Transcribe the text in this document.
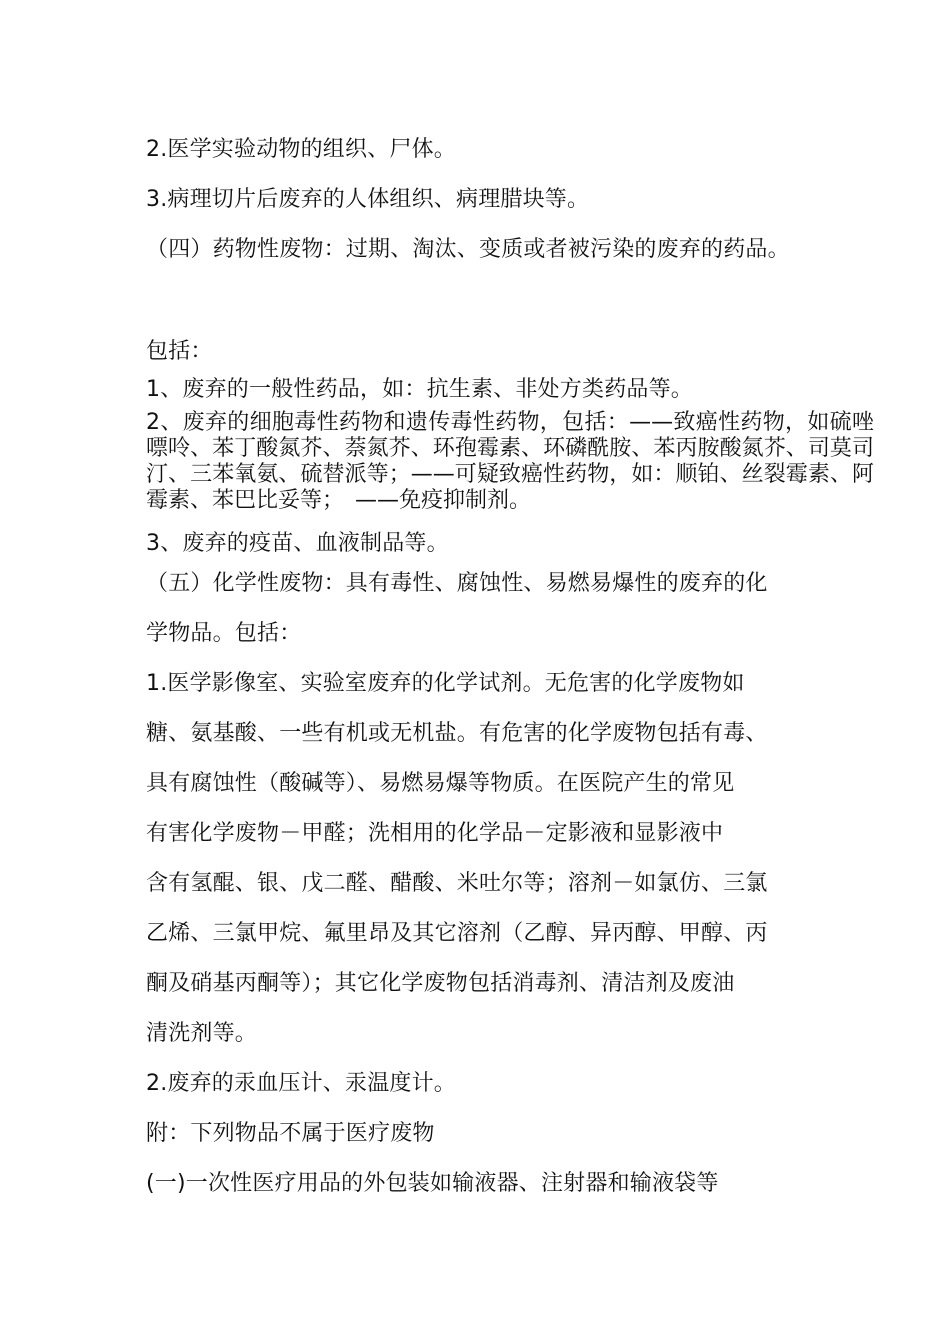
2.医学实验动物的组织、尸体。
3.病理切片后废弃的人体组织、病理腊块等。
（四）药物性废物：过期、淘汰、变质或者被污染的废弃的药品。
包括：
1、废弃的一般性药品，如：抗生素、非处方类药品等。
2、废弃的细胞毒性药物和遗传毒性药物，包括：——致癌性药物，如硫唑嘌呤、苯丁酸氮芥、萘氮芥、环孢霉素、环磷酰胺、苯丙胺酸氮芥、司莫司汀、三苯氧氨、硫替派等；——可疑致癌性药物，如：顺铂、丝裂霉素、阿霉素、苯巴比妥等；　——免疫抑制剂。
3、废弃的疫苗、血液制品等。
（五）化学性废物：具有毒性、腐蚀性、易燃易爆性的废弃的化
学物品。包括：
1.医学影像室、实验室废弃的化学试剂。无危害的化学废物如
糖、氨基酸、一些有机或无机盐。有危害的化学废物包括有毒、
具有腐蚀性（酸碱等）、易燃易爆等物质。在医院产生的常见
有害化学废物－甲醛；洗相用的化学品－定影液和显影液中
含有氢醌、银、戊二醛、醋酸、米吐尔等；溶剂－如氯仿、三氯
乙烯、三氯甲烷、氟里昂及其它溶剂（乙醇、异丙醇、甲醇、丙
酮及硝基丙酮等）；其它化学废物包括消毒剂、清洁剂及废油
清洗剂等。
2.废弃的汞血压计、汞温度计。
附：下列物品不属于医疗废物
(一)一次性医疗用品的外包装如输液器、注射器和输液袋等
